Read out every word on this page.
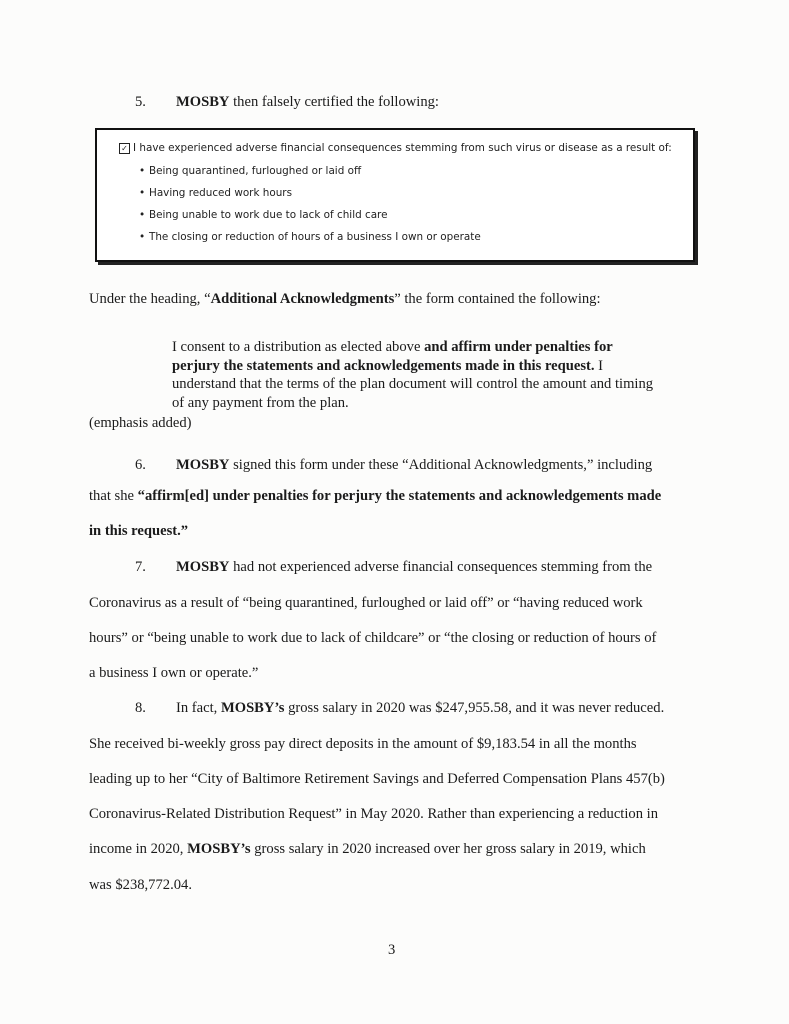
5. MOSBY then falsely certified the following:
✓ I have experienced adverse financial consequences stemming from such virus or disease as a result of:
• Being quarantined, furloughed or laid off
• Having reduced work hours
• Being unable to work due to lack of child care
• The closing or reduction of hours of a business I own or operate
Under the heading, “Additional Acknowledgments” the form contained the following:
I consent to a distribution as elected above and affirm under penalties for perjury the statements and acknowledgements made in this request. I understand that the terms of the plan document will control the amount and timing of any payment from the plan.
(emphasis added)
6. MOSBY signed this form under these “Additional Acknowledgments,” including
that she “affirm[ed] under penalties for perjury the statements and acknowledgements made
in this request.”
7. MOSBY had not experienced adverse financial consequences stemming from the
Coronavirus as a result of “being quarantined, furloughed or laid off” or “having reduced work
hours” or “being unable to work due to lack of childcare” or “the closing or reduction of hours of
a business I own or operate.”
8. In fact, MOSBY’s gross salary in 2020 was $247,955.58, and it was never reduced.
She received bi-weekly gross pay direct deposits in the amount of $9,183.54 in all the months
leading up to her “City of Baltimore Retirement Savings and Deferred Compensation Plans 457(b)
Coronavirus-Related Distribution Request” in May 2020. Rather than experiencing a reduction in
income in 2020, MOSBY’s gross salary in 2020 increased over her gross salary in 2019, which
was $238,772.04.
3
